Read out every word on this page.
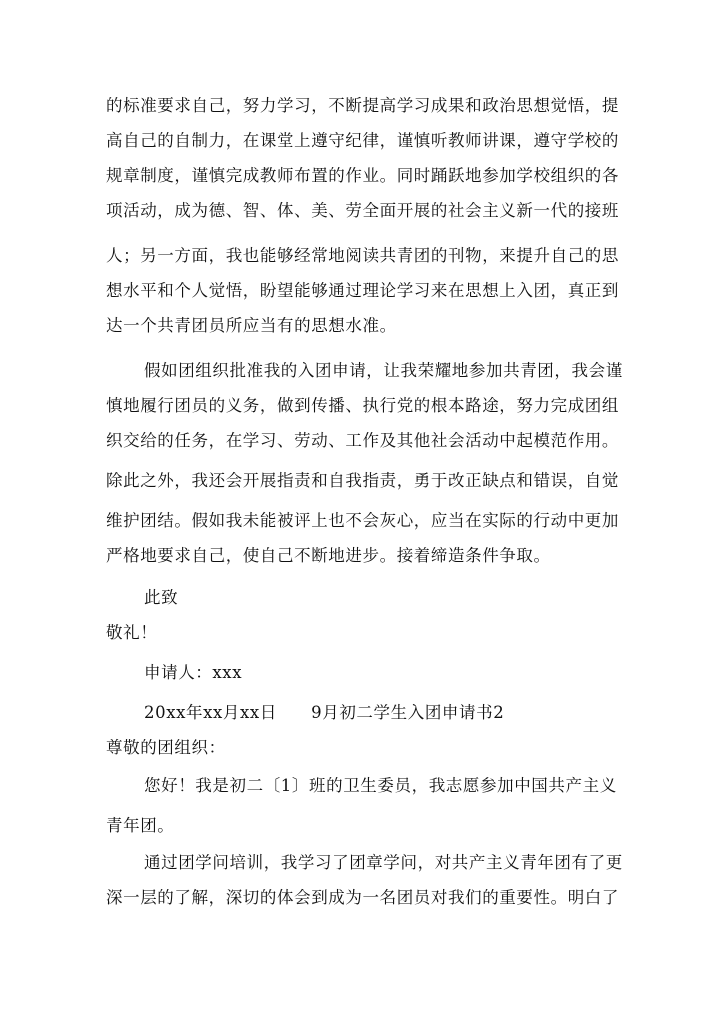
的标准要求自己，努力学习，不断提高学习成果和政治思想觉悟，提
高自己的自制力，在课堂上遵守纪律，谨慎听教师讲课，遵守学校的
规章制度，谨慎完成教师布置的作业。同时踊跃地参加学校组织的各
项活动，成为德、智、体、美、劳全面开展的社会主义新一代的接班
人；另一方面，我也能够经常地阅读共青团的刊物，来提升自己的思
想水平和个人觉悟，盼望能够通过理论学习来在思想上入团，真正到
达一个共青团员所应当有的思想水准。
假如团组织批准我的入团申请，让我荣耀地参加共青团，我会谨
慎地履行团员的义务，做到传播、执行党的根本路途，努力完成团组
织交给的任务，在学习、劳动、工作及其他社会活动中起模范作用。
除此之外，我还会开展指责和自我指责，勇于改正缺点和错误，自觉
维护团结。假如我未能被评上也不会灰心，应当在实际的行动中更加
严格地要求自己，使自己不断地进步。接着缔造条件争取。
此致
敬礼！
申请人：xxx
20xx年xx月xx日　　9月初二学生入团申请书2
尊敬的团组织：
您好！我是初二〔1〕班的卫生委员，我志愿参加中国共产主义
青年团。
通过团学问培训，我学习了团章学问，对共产主义青年团有了更
深一层的了解，深切的体会到成为一名团员对我们的重要性。明白了
